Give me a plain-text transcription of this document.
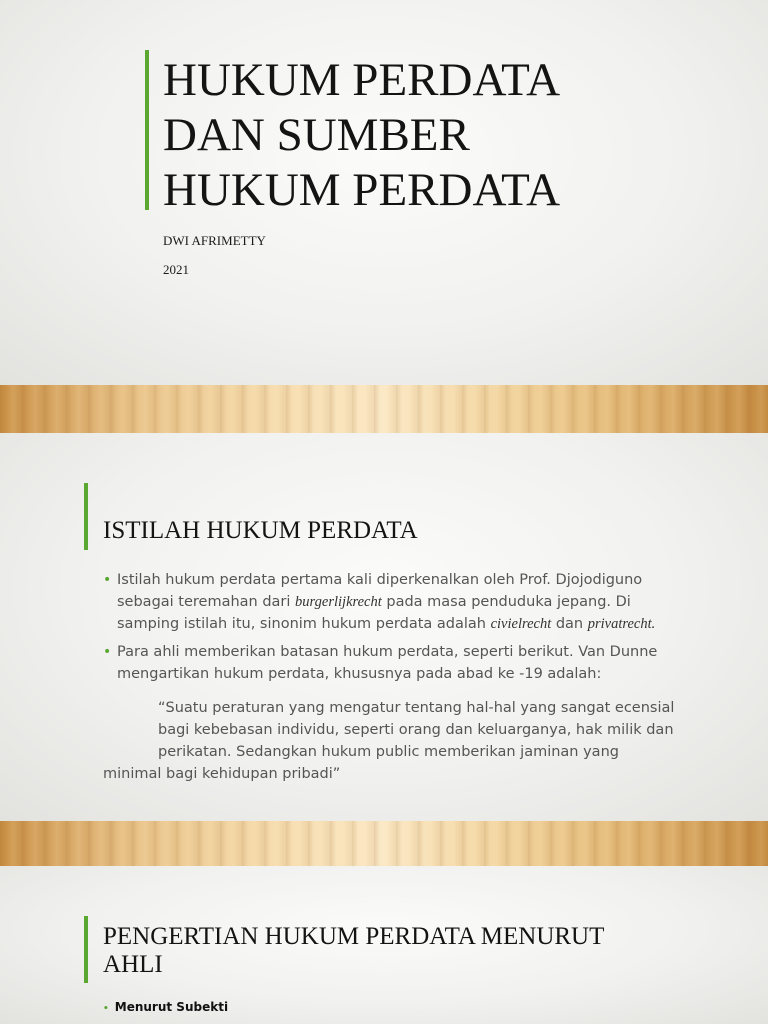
HUKUM PERDATA
DAN SUMBER
HUKUM PERDATA

DWI AFRIMETTY

2021

ISTILAH HUKUM PERDATA
• Istilah hukum perdata pertama kali diperkenalkan oleh Prof. Djojodiguno sebagai teremahan dari burgerlijkrecht pada masa penduduka jepang. Di samping istilah itu, sinonim hukum perdata adalah civielrecht dan privatrecht.
• Para ahli memberikan batasan hukum perdata, seperti berikut. Van Dunne mengartikan hukum perdata, khususnya pada abad ke -19 adalah:
“Suatu peraturan yang mengatur tentang hal-hal yang sangat ecensial
bagi kebebasan individu, seperti orang dan keluarganya, hak milik dan
perikatan. Sedangkan hukum public memberikan jaminan yang
minimal bagi kehidupan pribadi”
PENGERTIAN HUKUM PERDATA MENURUT
AHLI
• Menurut Subekti
